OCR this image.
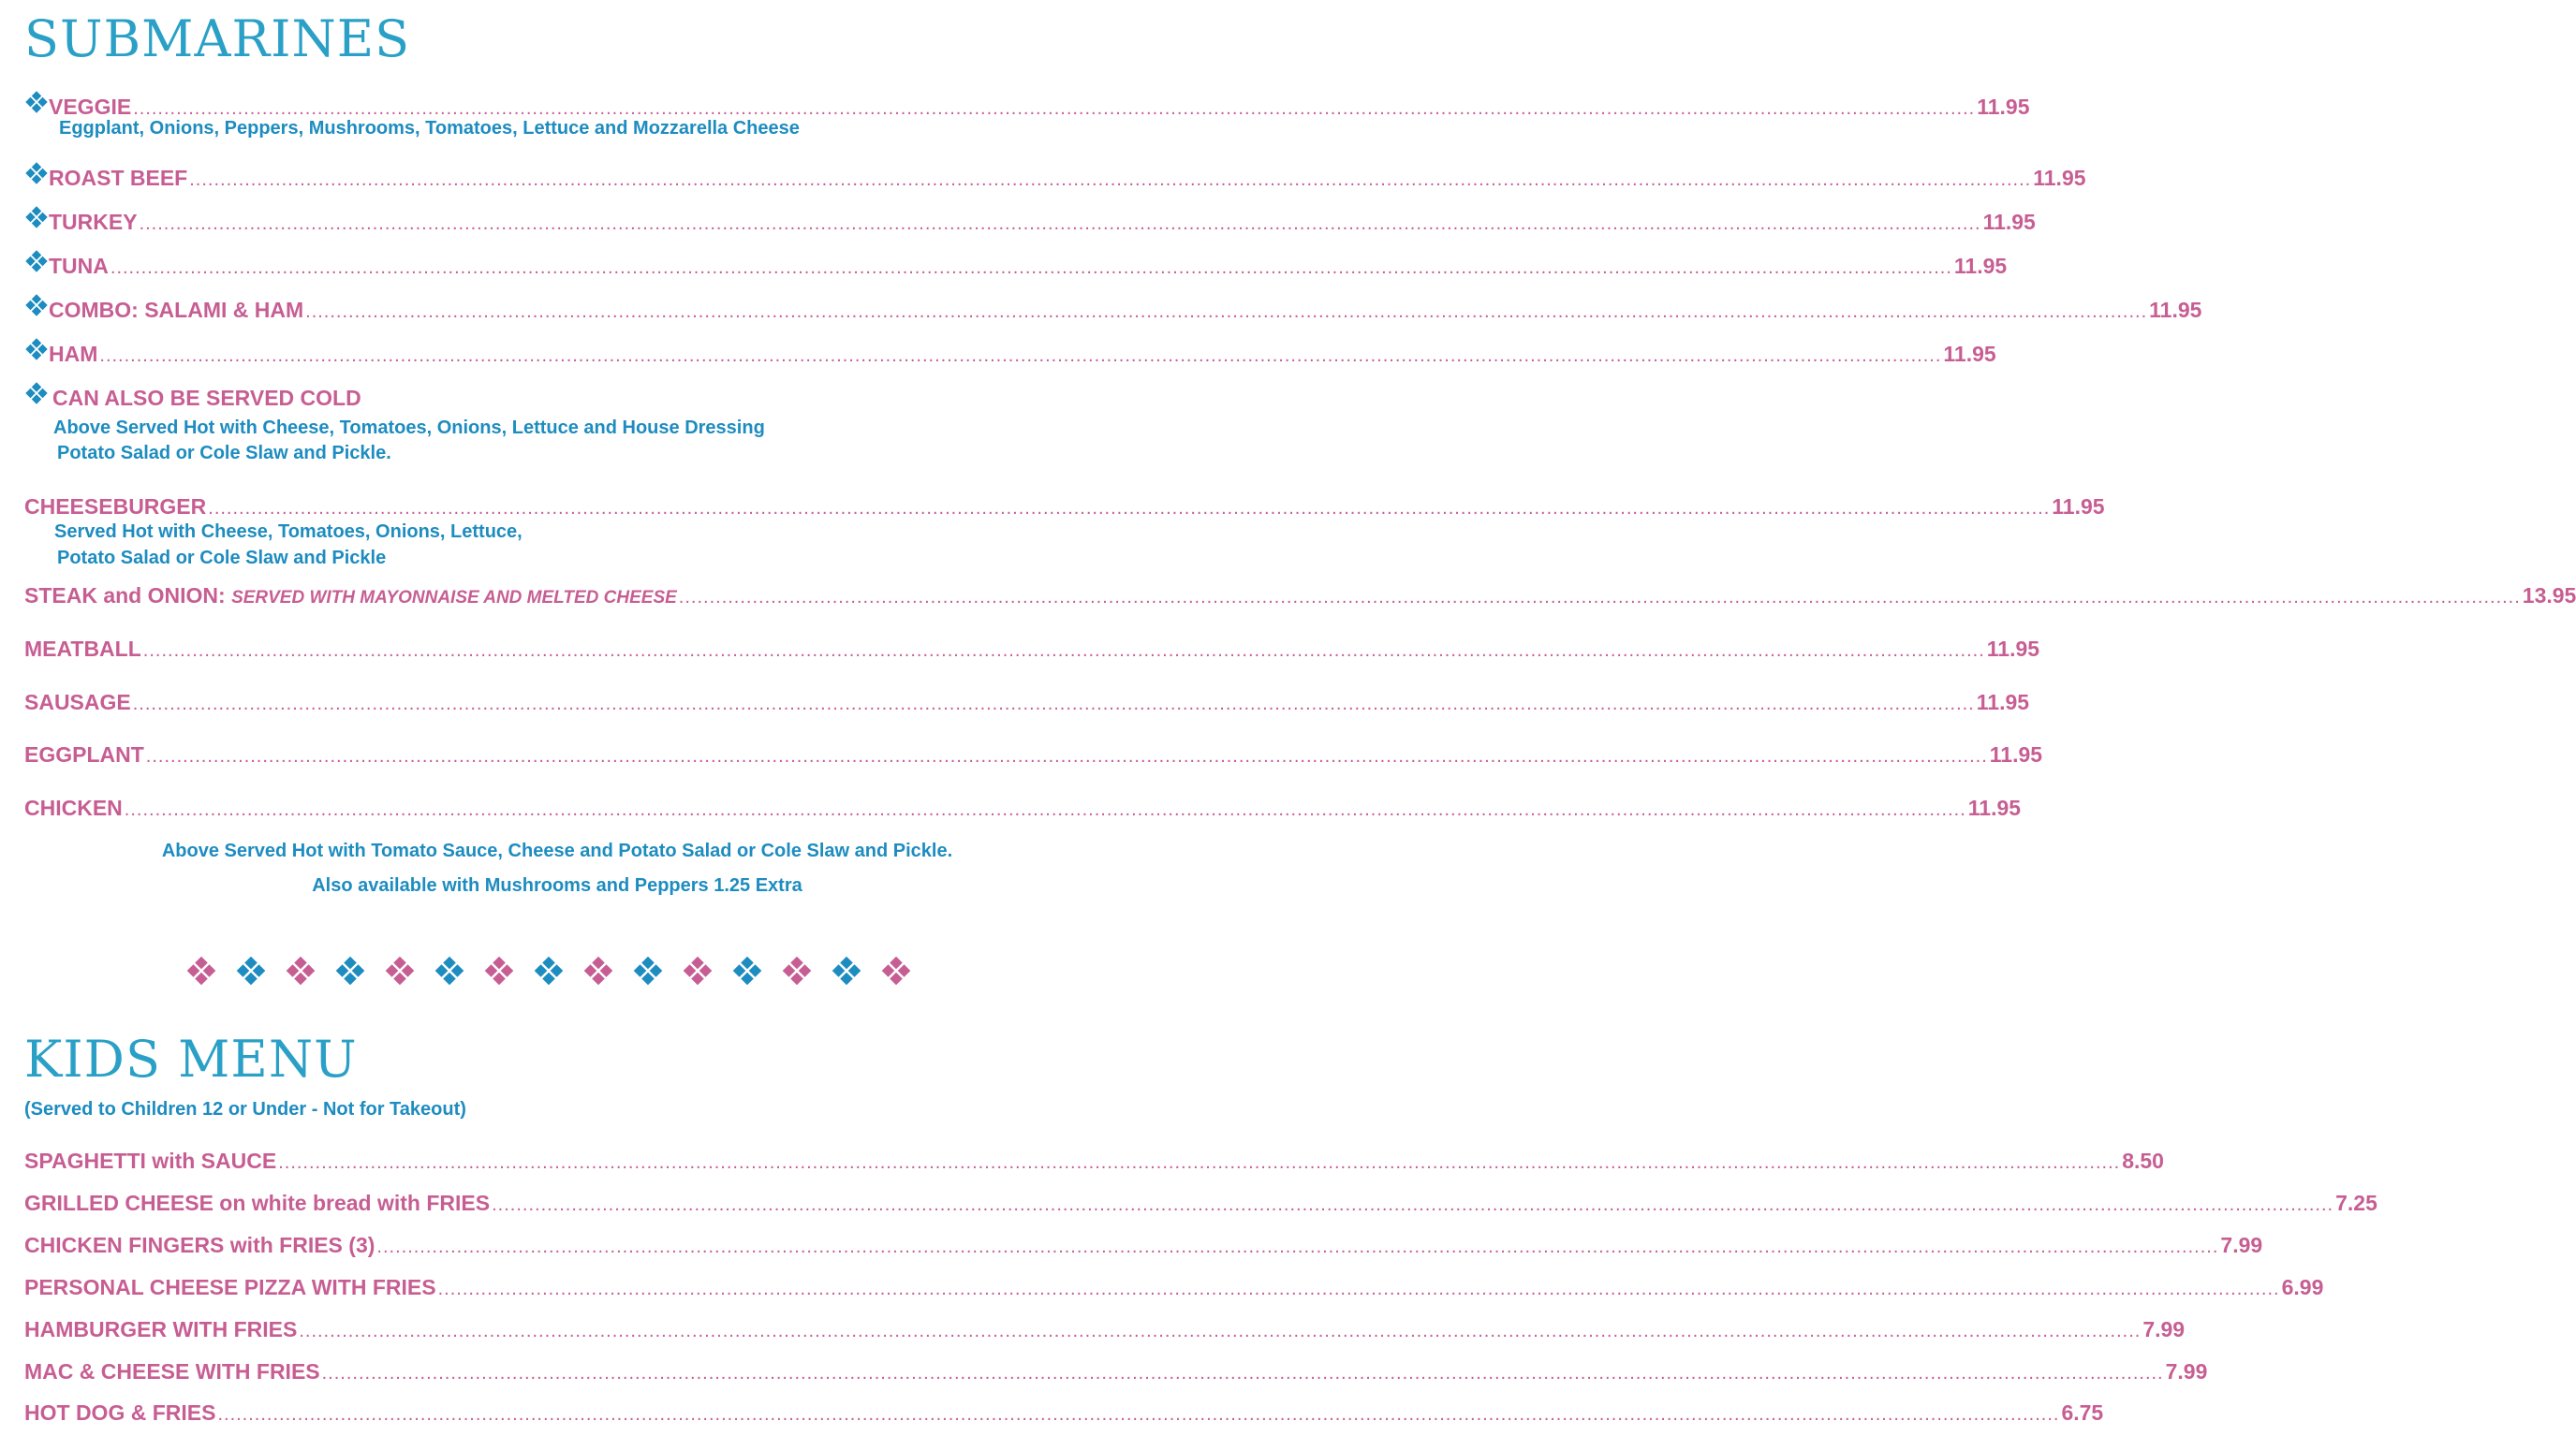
SUBMARINES
VEGGIE ............................................................................................................................................................................................................................................................................................................ 11.95
Eggplant, Onions, Peppers, Mushrooms, Tomatoes, Lettuce and Mozzarella Cheese
ROAST BEEF ............................................................................................................................................................................................................................................................................................................ 11.95
TURKEY ............................................................................................................................................................................................................................................................................................................ 11.95
TUNA ............................................................................................................................................................................................................................................................................................................ 11.95
COMBO: SALAMI & HAM ............................................................................................................................................................................................................................................................................................................ 11.95
HAM ............................................................................................................................................................................................................................................................................................................ 11.95
CAN ALSO BE SERVED COLD
Above Served Hot with Cheese, Tomatoes, Onions, Lettuce and House Dressing
Potato Salad or Cole Slaw and Pickle.
CHEESEBURGER ............................................................................................................................................................................................................................................................................................................ 11.95
Served Hot with Cheese, Tomatoes, Onions, Lettuce,
Potato Salad or Cole Slaw and Pickle
STEAK and ONION: SERVED WITH MAYONNAISE AND MELTED CHEESE ............................................................................................................................................................................................................................................................................................................ 13.95
MEATBALL ............................................................................................................................................................................................................................................................................................................ 11.95
SAUSAGE ............................................................................................................................................................................................................................................................................................................ 11.95
EGGPLANT ............................................................................................................................................................................................................................................................................................................ 11.95
CHICKEN ............................................................................................................................................................................................................................................................................................................ 11.95
Above Served Hot with Tomato Sauce, Cheese and Potato Salad or Cole Slaw and Pickle.
Also available with Mushrooms and Peppers 1.25 Extra
KIDS MENU
(Served to Children 12 or Under - Not for Takeout)
SPAGHETTI with SAUCE ............................................................................................................................................................................................................................................................................................................ 8.50
GRILLED CHEESE on white bread with FRIES ............................................................................................................................................................................................................................................................................................................ 7.25
CHICKEN FINGERS with FRIES (3) ............................................................................................................................................................................................................................................................................................................ 7.99
PERSONAL CHEESE PIZZA WITH FRIES ............................................................................................................................................................................................................................................................................................................ 6.99
HAMBURGER WITH FRIES ............................................................................................................................................................................................................................................................................................................ 7.99
MAC & CHEESE WITH FRIES ............................................................................................................................................................................................................................................................................................................ 7.99
HOT DOG & FRIES ............................................................................................................................................................................................................................................................................................................ 6.75
